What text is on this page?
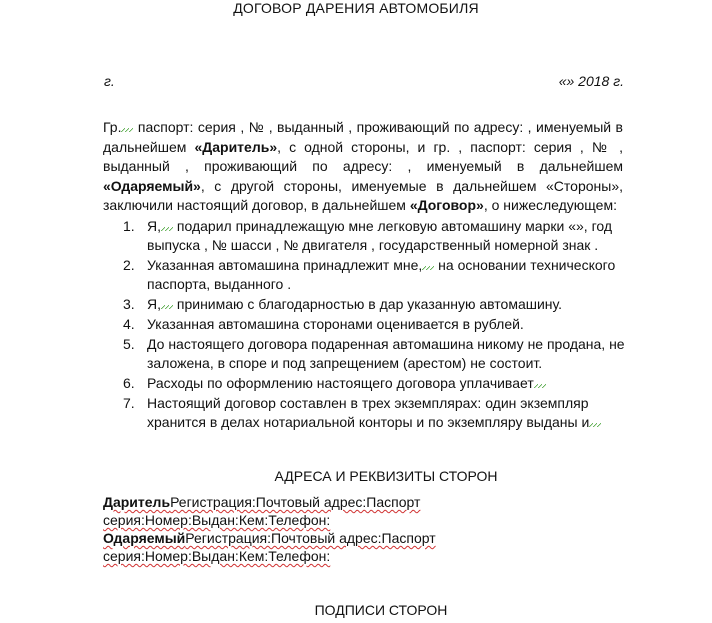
ДОГОВОР ДАРЕНИЯ АВТОМОБИЛЯ
г.	«» 2018 г.

Гр. паспорт: серия , № , выданный , проживающий по адресу: , именуемый в дальнейшем «Даритель», с одной стороны, и гр. , паспорт: серия , № , выданный , проживающий по адресу: , именуемый в дальнейшем «Одаряемый», с другой стороны, именуемые в дальнейшем «Стороны», заключили настоящий договор, в дальнейшем «Договор», о нижеследующем:

1. Я, подарил принадлежащую мне легковую автомашину марки «», год выпуска , № шасси , № двигателя , государственный номерной знак .
2. Указанная автомашина принадлежит мне, на основании технического паспорта, выданного .
3. Я, принимаю с благодарностью в дар указанную автомашину.
4. Указанная автомашина сторонами оценивается в рублей.
5. До настоящего договора подаренная автомашина никому не продана, не заложена, в споре и под запрещением (арестом) не состоит.
6. Расходы по оформлению настоящего договора уплачивает
7. Настоящий договор составлен в трех экземплярах: один экземпляр хранится в делах нотариальной конторы и по экземпляру выданы и
АДРЕСА И РЕКВИЗИТЫ СТОРОН
ДарительРегистрация:Почтовый адрес:Паспорт серия:Номер:Выдан:Кем:Телефон:
ОдаряемыйРегистрация:Почтовый адрес:Паспорт серия:Номер:Выдан:Кем:Телефон:
ПОДПИСИ СТОРОН
